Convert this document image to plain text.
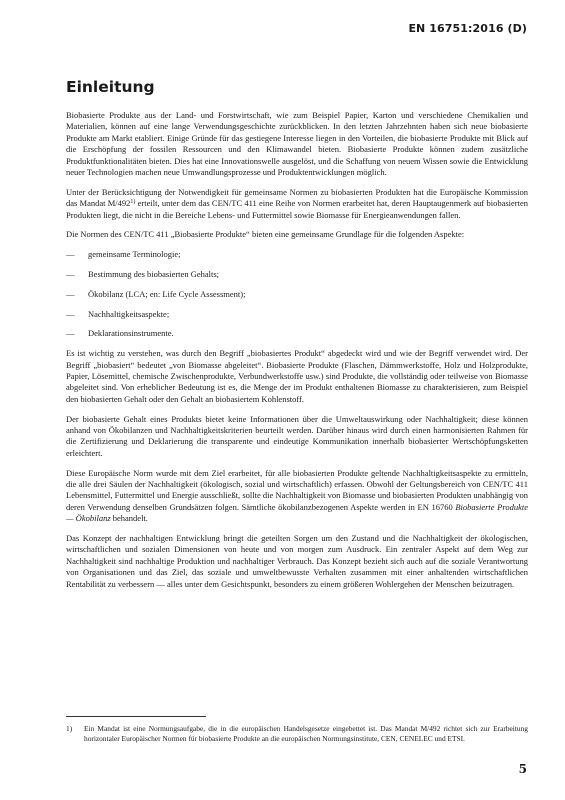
EN 16751:2016 (D)
Einleitung

Biobasierte Produkte aus der Land- und Forstwirtschaft, wie zum Beispiel Papier, Karton und verschiedene Chemikalien und Materialien, können auf eine lange Verwendungsgeschichte zurückblicken. In den letzten Jahrzehnten haben sich neue biobasierte Produkte am Markt etabliert. Einige Gründe für das gestiegene Interesse liegen in den Vorteilen, die biobasierte Produkte mit Blick auf die Erschöpfung der fossilen Ressourcen und den Klimawandel bieten. Biobasierte Produkte können zudem zusätzliche Produktfunktionalitäten bieten. Dies hat eine Innovationswelle ausgelöst, und die Schaffung von neuem Wissen sowie die Entwicklung neuer Technologien machen neue Umwandlungsprozesse und Produktentwicklungen möglich.

Unter der Berücksichtigung der Notwendigkeit für gemeinsame Normen zu biobasierten Produkten hat die Europäische Kommission das Mandat M/492$^{1)}$ erteilt, unter dem das CEN/TC 411 eine Reihe von Normen erarbeitet hat, deren Hauptaugenmerk auf biobasierten Produkten liegt, die nicht in die Bereiche Lebens- und Futtermittel sowie Biomasse für Energieanwendungen fallen.

Die Normen des CEN/TC 411 „Biobasierte Produkte“ bieten eine gemeinsame Grundlage für die folgenden Aspekte:

—	gemeinsame Terminologie;
—	Bestimmung des biobasierten Gehalts;
—	Ökobilanz (LCA; en: Life Cycle Assessment);
—	Nachhaltigkeitsaspekte;
—	Deklarationsinstrumente.

Es ist wichtig zu verstehen, was durch den Begriff „biobasiertes Produkt“ abgedeckt wird und wie der Begriff verwendet wird. Der Begriff „biobasiert“ bedeutet „von Biomasse abgeleitet“. Biobasierte Produkte (Flaschen, Dämmwerkstoffe, Holz und Holzprodukte, Papier, Lösemittel, chemische Zwischenprodukte, Verbundwerkstoffe usw.) sind Produkte, die vollständig oder teilweise von Biomasse abgeleitet sind. Von erheblicher Bedeutung ist es, die Menge der im Produkt enthaltenen Biomasse zu charakterisieren, zum Beispiel den biobasierten Gehalt oder den Gehalt an biobasiertem Kohlenstoff.

Der biobasierte Gehalt eines Produkts bietet keine Informationen über die Umweltauswirkung oder Nachhaltigkeit; diese können anhand von Ökobilanzen und Nachhaltigkeitskriterien beurteilt werden. Darüber hinaus wird durch einen harmonisierten Rahmen für die Zertifizierung und Deklarierung die transparente und eindeutige Kommunikation innerhalb biobasierter Wertschöpfungsketten erleichtert.

Diese Europäische Norm wurde mit dem Ziel erarbeitet, für alle biobasierten Produkte geltende Nachhaltigkeitsaspekte zu ermitteln, die alle drei Säulen der Nachhaltigkeit (ökologisch, sozial und wirtschaftlich) erfassen. Obwohl der Geltungsbereich von CEN/TC 411 Lebensmittel, Futtermittel und Energie ausschließt, sollte die Nachhaltigkeit von Biomasse und biobasierten Produkten unabhängig von deren Verwendung denselben Grundsätzen folgen. Sämtliche ökobilanzbezogenen Aspekte werden in EN 16760 Biobasierte Produkte — Ökobilanz behandelt.

Das Konzept der nachhaltigen Entwicklung bringt die geteilten Sorgen um den Zustand und die Nachhaltigkeit der ökologischen, wirtschaftlichen und sozialen Dimensionen von heute und von morgen zum Ausdruck. Ein zentraler Aspekt auf dem Weg zur Nachhaltigkeit sind nachhaltige Produktion und nachhaltiger Verbrauch. Das Konzept bezieht sich auch auf die soziale Verantwortung von Organisationen und das Ziel, das soziale und umweltbewusste Verhalten zusammen mit einer anhaltenden wirtschaftlichen Rentabilität zu verbessern — alles unter dem Gesichtspunkt, besonders zu einem größeren Wohlergehen der Menschen beizutragen.

1)	Ein Mandat ist eine Normungsaufgabe, die in die europäischen Handelsgesetze eingebettet ist. Das Mandat M/492 richtet sich zur Erarbeitung horizontaler Europäischer Normen für biobasierte Produkte an die europäischen Normungsinstitute, CEN, CENELEC und ETSI.
5
